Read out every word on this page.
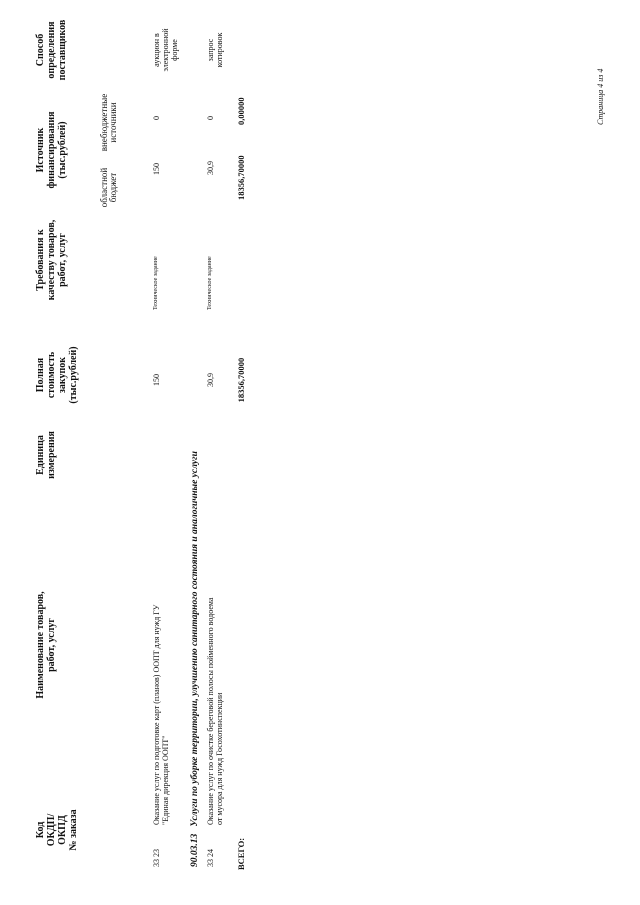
Код ОКДП/ ОКПД № заказа
Наименование товаров, работ, услуг
Единица измерения
Полная стоимость закупок (тыс.рублей)
Требования к качеству товаров, работ, услуг
Источник финансирования (тыс.рублей)
областной бюджет
внебюджетные источники
Способ определения поставщиков
33 23
Оказание услуг по подготовке карт (планов) ООПТ для нужд ГУ "Единая дирекция ООПТ"
150
Техническое задание
150
0
аукцион в электронной форме
90.03.13   Услуги по уборке территории, улучшению санитарного состояния и аналогичные услуги
33 24
Оказание услуг по очистке береговой полосы пойменного водоема от мусора для нужд Госохотинспекции
30,9
Техническое задание
30,9
0
запрос котировок
ВСЕГО:
18356,70000
18356,70000
0,00000	Страница 4 из 4
